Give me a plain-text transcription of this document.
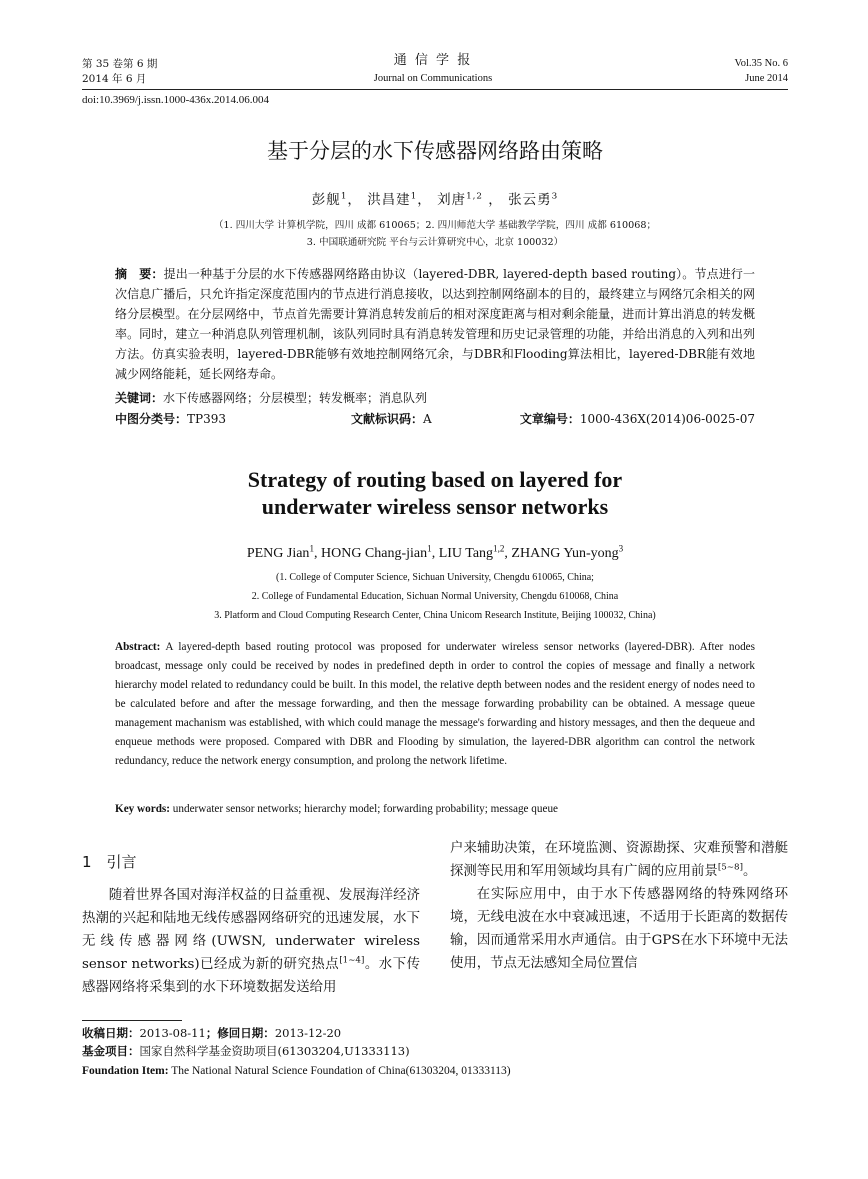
第 35 卷第 6 期
2014 年 6 月
通 信 学 报
Journal on Communications
Vol.35 No. 6
June 2014
doi:10.3969/j.issn.1000-436x.2014.06.004
基于分层的水下传感器网络路由策略
彭舰$^1$， 洪昌建$^1$， 刘唐$^{1,2}$ ， 张云勇$^3$
（1. 四川大学 计算机学院，四川 成都 610065；2. 四川师范大学 基础教学学院，四川 成都 610068；
3. 中国联通研究院 平台与云计算研究中心，北京 100032）
摘　要：提出一种基于分层的水下传感器网络路由协议（layered-DBR, layered-depth based routing）。节点进行一次信息广播后，只允许指定深度范围内的节点进行消息接收，以达到控制网络副本的目的，最终建立与网络冗余相关的网络分层模型。在分层网络中，节点首先需要计算消息转发前后的相对深度距离与相对剩余能量，进而计算出消息的转发概率。同时，建立一种消息队列管理机制，该队列同时具有消息转发管理和历史记录管理的功能，并给出消息的入列和出列方法。仿真实验表明，layered-DBR能够有效地控制网络冗余，与DBR和Flooding算法相比，layered-DBR能有效地减少网络能耗，延长网络寿命。
关键词：水下传感器网络；分层模型；转发概率；消息队列
中图分类号：TP393	文献标识码：A	文章编号：1000-436X(2014)06-0025-07
Strategy of routing based on layered for
underwater wireless sensor networks
PENG Jian$^1$, HONG Chang-jian$^1$, LIU Tang$^{1,2}$, ZHANG Yun-yong$^3$
(1. College of Computer Science, Sichuan University, Chengdu 610065, China;
2. College of Fundamental Education, Sichuan Normal University, Chengdu 610068, China
3. Platform and Cloud Computing Research Center, China Unicom Research Institute, Beijing 100032, China)
Abstract: A layered-depth based routing protocol was proposed for underwater wireless sensor networks (layered-DBR). After nodes broadcast, message only could be received by nodes in predefined depth in order to control the copies of message and finally a network hierarchy model related to redundancy could be built. In this model, the relative depth between nodes and the resident energy of nodes need to be calculated before and after the message forwarding, and then the message forwarding probability can be obtained. A message queue management machanism was established, with which could manage the message's forwarding and history messages, and then the dequeue and enqueue methods were proposed. Compared with DBR and Flooding by simulation, the layered-DBR algorithm can control the network redundancy, reduce the network energy consumption, and prolong the network lifetime.
Key words: underwater sensor networks; hierarchy model; forwarding probability; message queue
1　引言

随着世界各国对海洋权益的日益重视、发展海洋经济热潮的兴起和陆地无线传感器网络研究的迅速发展，水下无线传感器网络(UWSN, underwater wireless sensor networks)已经成为新的研究热点[1~4]。水下传感器网络将采集到的水下环境数据发送给用

户来辅助决策，在环境监测、资源勘探、灾难预警和潜艇探测等民用和军用领域均具有广阔的应用前景[5~8]。

在实际应用中，由于水下传感器网络的特殊网络环境，无线电波在水中衰减迅速，不适用于长距离的数据传输，因而通常采用水声通信。由于GPS在水下环境中无法使用，节点无法感知全局位置信

收稿日期：2013-08-11；修回日期：2013-12-20
基金项目：国家自然科学基金资助项目(61303204,U1333113)
Foundation Item: The National Natural Science Foundation of China(61303204, 01333113)
